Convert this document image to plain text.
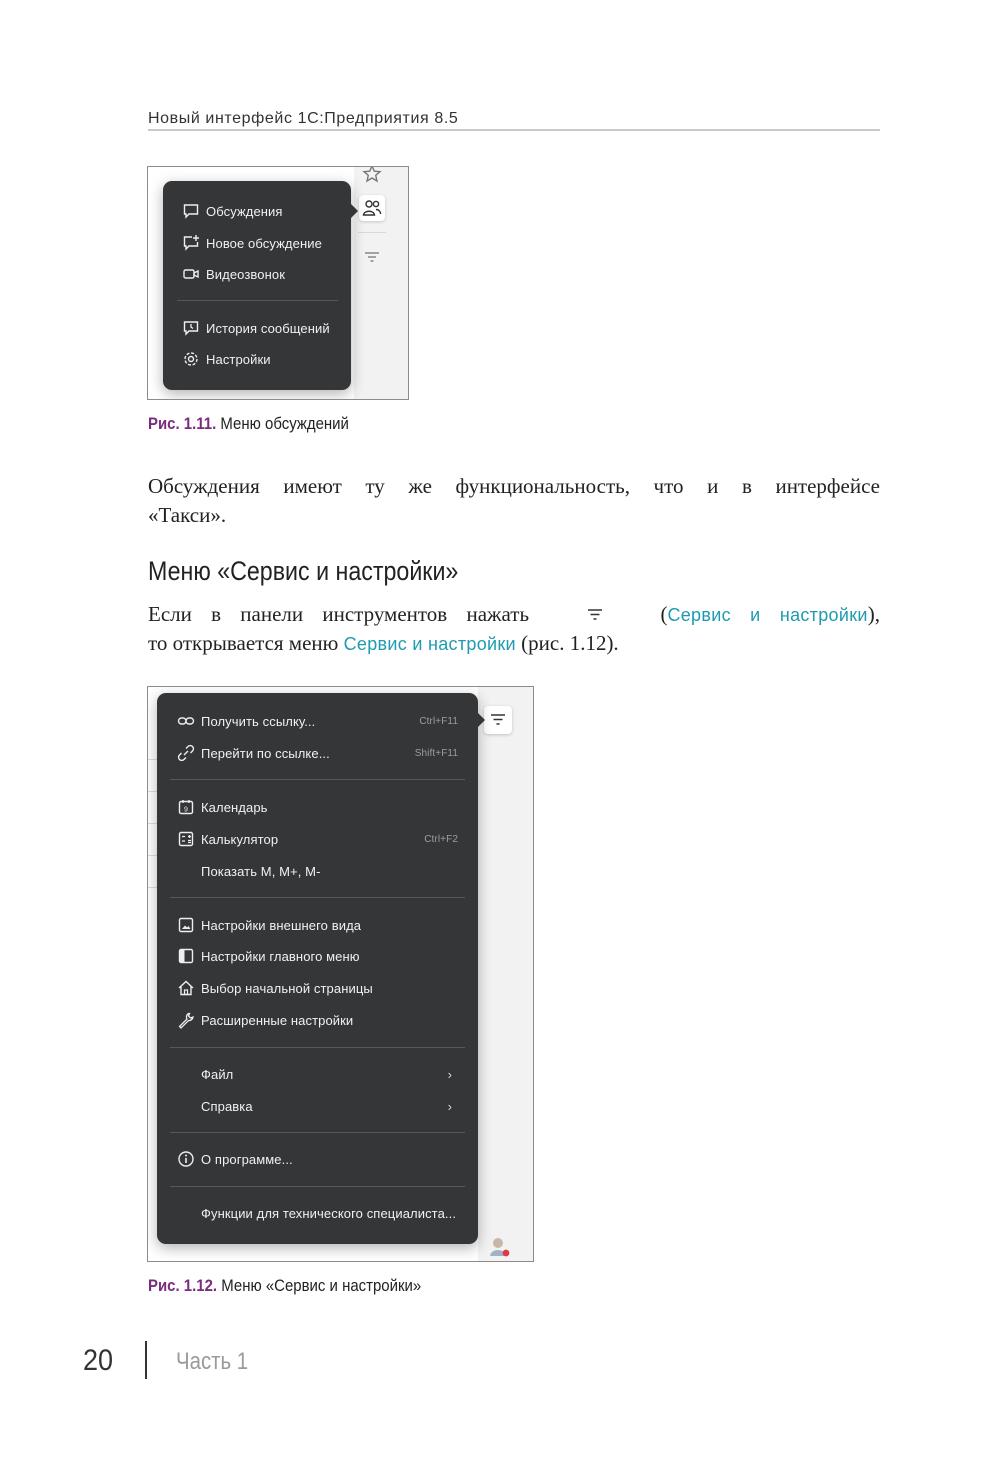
Новый интерфейс 1С:Предприятия 8.5
Обсуждения
Новое обсуждение
Видеозвонок
История сообщений
Настройки
Рис. 1.11. Меню обсуждений
Обсуждения имеют ту же функциональность, что и в интерфейсе
«Такси».
Меню «Сервис и настройки»
Если в панели инструментов нажать	(Сервис и настройки),
то открывается меню Сервис и настройки (рис. 1.12).
Получить ссылку...	Ctrl+F11
Перейти по ссылке...	Shift+F11
9 Календарь
Калькулятор	Ctrl+F2
Показать M, M+, M-
Настройки внешнего вида
Настройки главного меню
Выбор начальной страницы
Расширенные настройки
Файл	›
Справка	›
О программе...
Функции для технического специалиста...
Рис. 1.12. Меню «Сервис и настройки»
20	Часть 1
